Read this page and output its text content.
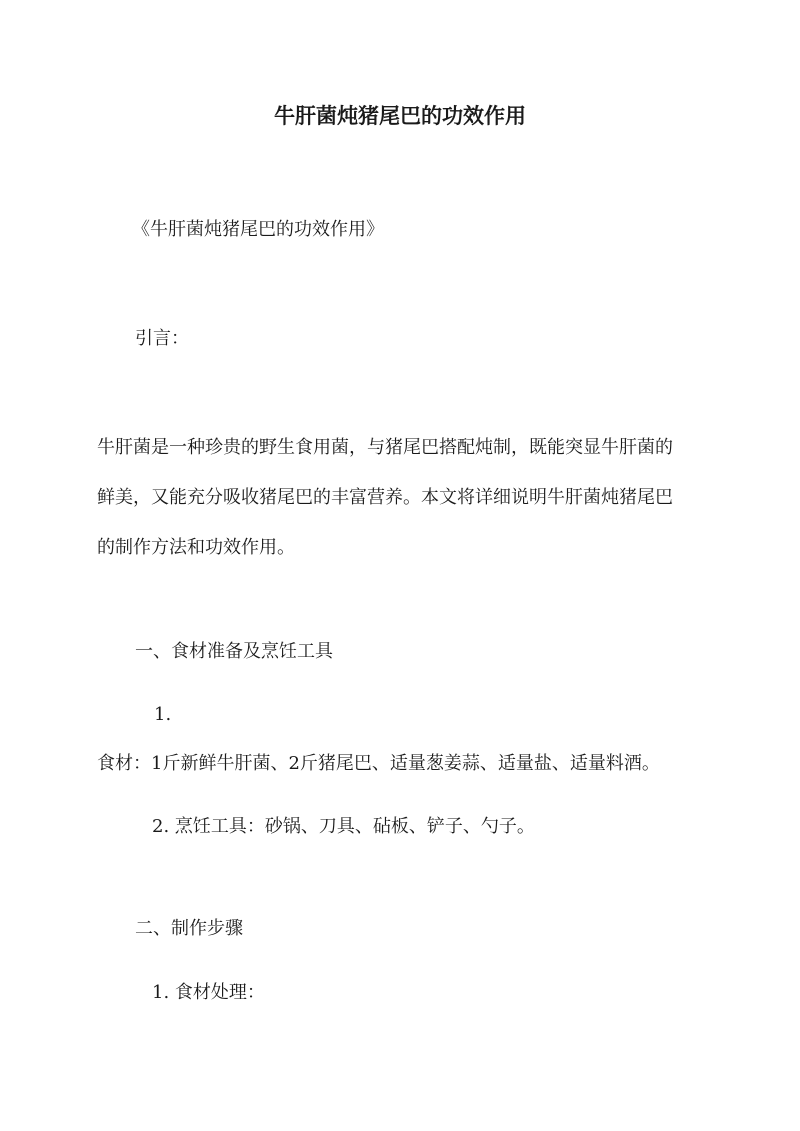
牛肝菌炖猪尾巴的功效作用
《牛肝菌炖猪尾巴的功效作用》
引言：
牛肝菌是一种珍贵的野生食用菌，与猪尾巴搭配炖制，既能突显牛肝菌的
鲜美，又能充分吸收猪尾巴的丰富营养。本文将详细说明牛肝菌炖猪尾巴
的制作方法和功效作用。
一、食材准备及烹饪工具
1.
食材：1斤新鲜牛肝菌、2斤猪尾巴、适量葱姜蒜、适量盐、适量料酒。
2. 烹饪工具：砂锅、刀具、砧板、铲子、勺子。
二、制作步骤
1. 食材处理：
